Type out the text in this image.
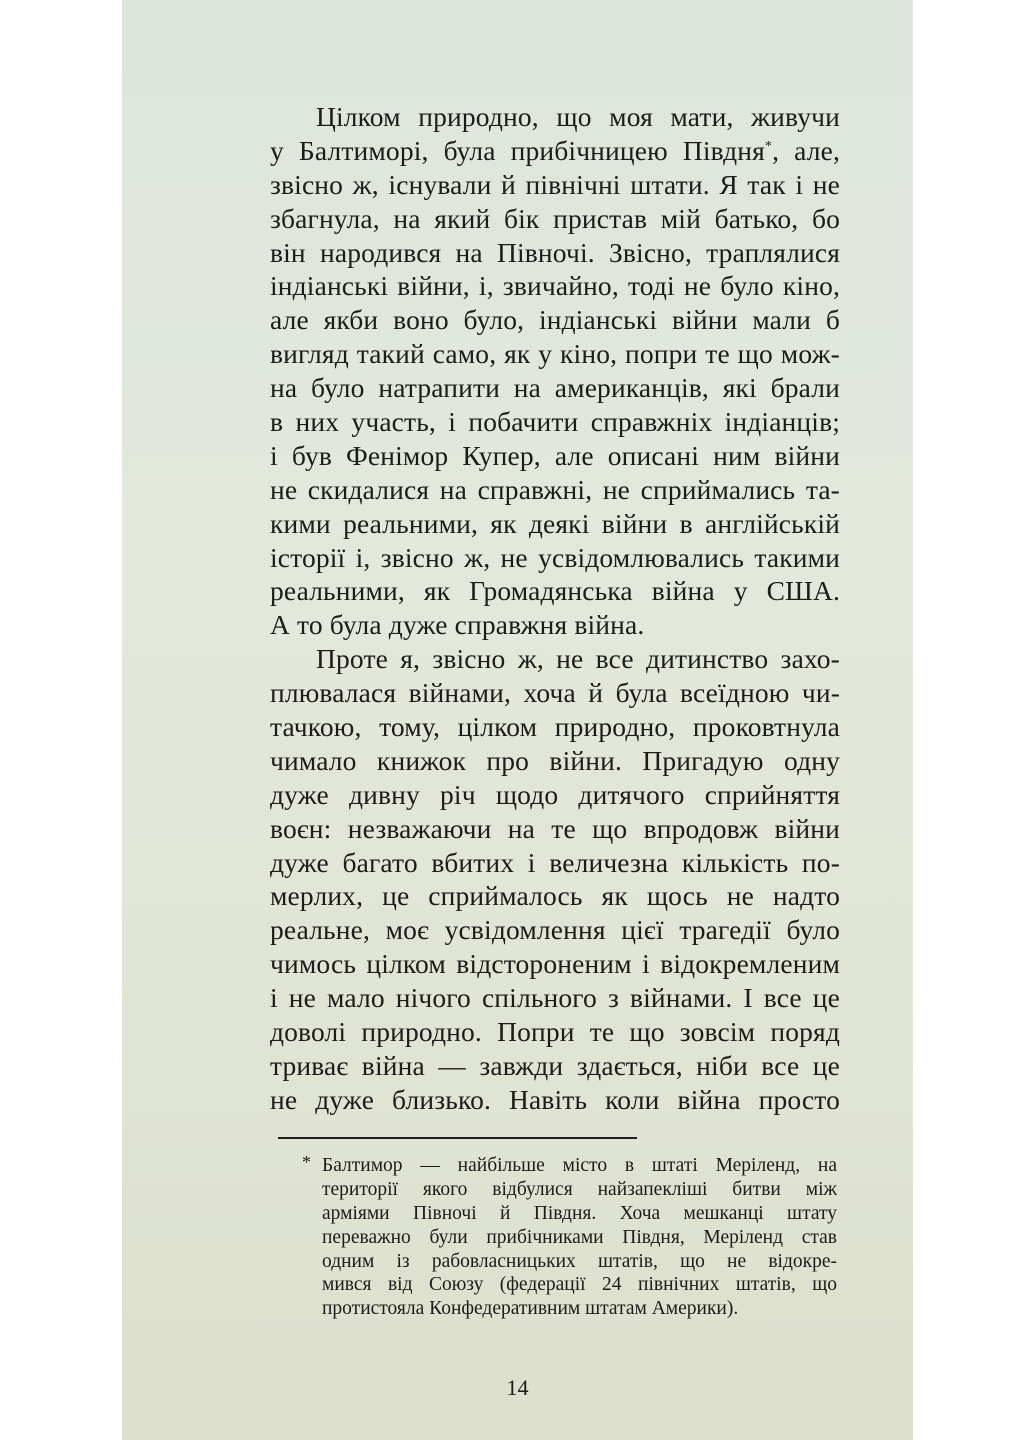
Цілком природно, що моя мати, живучи
у Балтиморі, була прибічницею Півдня*, але,
звісно ж, існували й північні штати. Я так і не
збагнула, на який бік пристав мій батько, бо
він народився на Півночі. Звісно, траплялися
індіанські війни, і, звичайно, тоді не було кіно,
але якби воно було, індіанські війни мали б
вигляд такий само, як у кіно, попри те що мож-
на було натрапити на американців, які брали
в них участь, і побачити справжніх індіанців;
і був Фенімор Купер, але описані ним війни
не скидалися на справжні, не сприймались та-
кими реальними, як деякі війни в англійській
історії і, звісно ж, не усвідомлювались такими
реальними, як Громадянська війна у США.
А то була дуже справжня війна.
Проте я, звісно ж, не все дитинство захо-
плювалася війнами, хоча й була всеїдною чи-
тачкою, тому, цілком природно, проковтнула
чимало книжок про війни. Пригадую одну
дуже дивну річ щодо дитячого сприйняття
воєн: незважаючи на те що впродовж війни
дуже багато вбитих і величезна кількість по-
мерлих, це сприймалось як щось не надто
реальне, моє усвідомлення цієї трагедії було
чимось цілком відстороненим і відокремленим
і не мало нічого спільного з війнами. І все це
доволі природно. Попри те що зовсім поряд
триває війна — завжди здається, ніби все це
не дуже близько. Навіть коли війна просто
* Балтимор — найбільше місто в штаті Меріленд, на
території якого відбулися найзапекліші битви між
арміями Півночі й Півдня. Хоча мешканці штату
переважно були прибічниками Півдня, Меріленд став
одним із рабовласницьких штатів, що не відокре-
мився від Союзу (федерації 24 північних штатів, що
протистояла Конфедеративним штатам Америки).
14
